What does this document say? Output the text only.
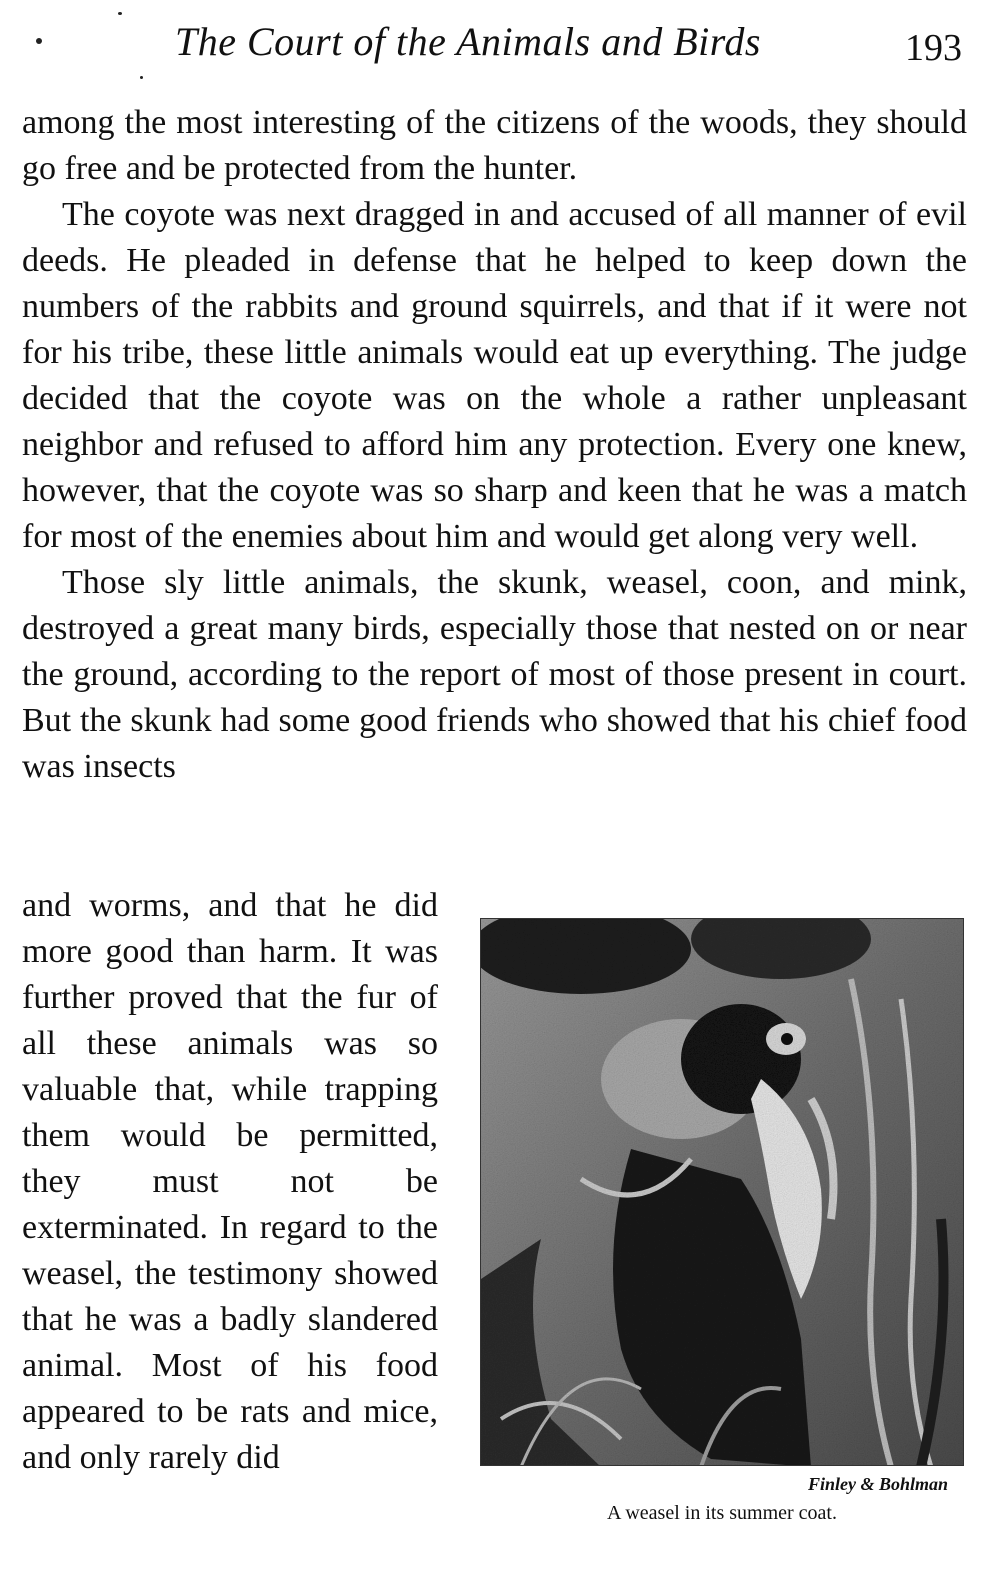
The Court of the Animals and Birds	193

among the most interesting of the citizens of the woods, they should go free and be protected from the hunter.

The coyote was next dragged in and accused of all manner of evil deeds. He pleaded in defense that he helped to keep down the numbers of the rabbits and ground squirrels, and that if it were not for his tribe, these little animals would eat up everything. The judge decided that the coyote was on the whole a rather unpleasant neighbor and refused to afford him any protection. Every one knew, however, that the coyote was so sharp and keen that he was a match for most of the enemies about him and would get along very well.

Those sly little animals, the skunk, weasel, coon, and mink, destroyed a great many birds, especially those that nested on or near the ground, according to the report of most of those present in court. But the skunk had some good friends who showed that his chief food was insects

and worms, and that he did more good than harm. It was further proved that the fur of all these animals was so valuable that, while trapping them would be permitted, they must not be exterminated. In regard to the weasel, the testimony showed that he was a badly slandered animal. Most of his food appeared to be rats and mice, and only rarely did
Finley & Bohlman
A weasel in its summer coat.
